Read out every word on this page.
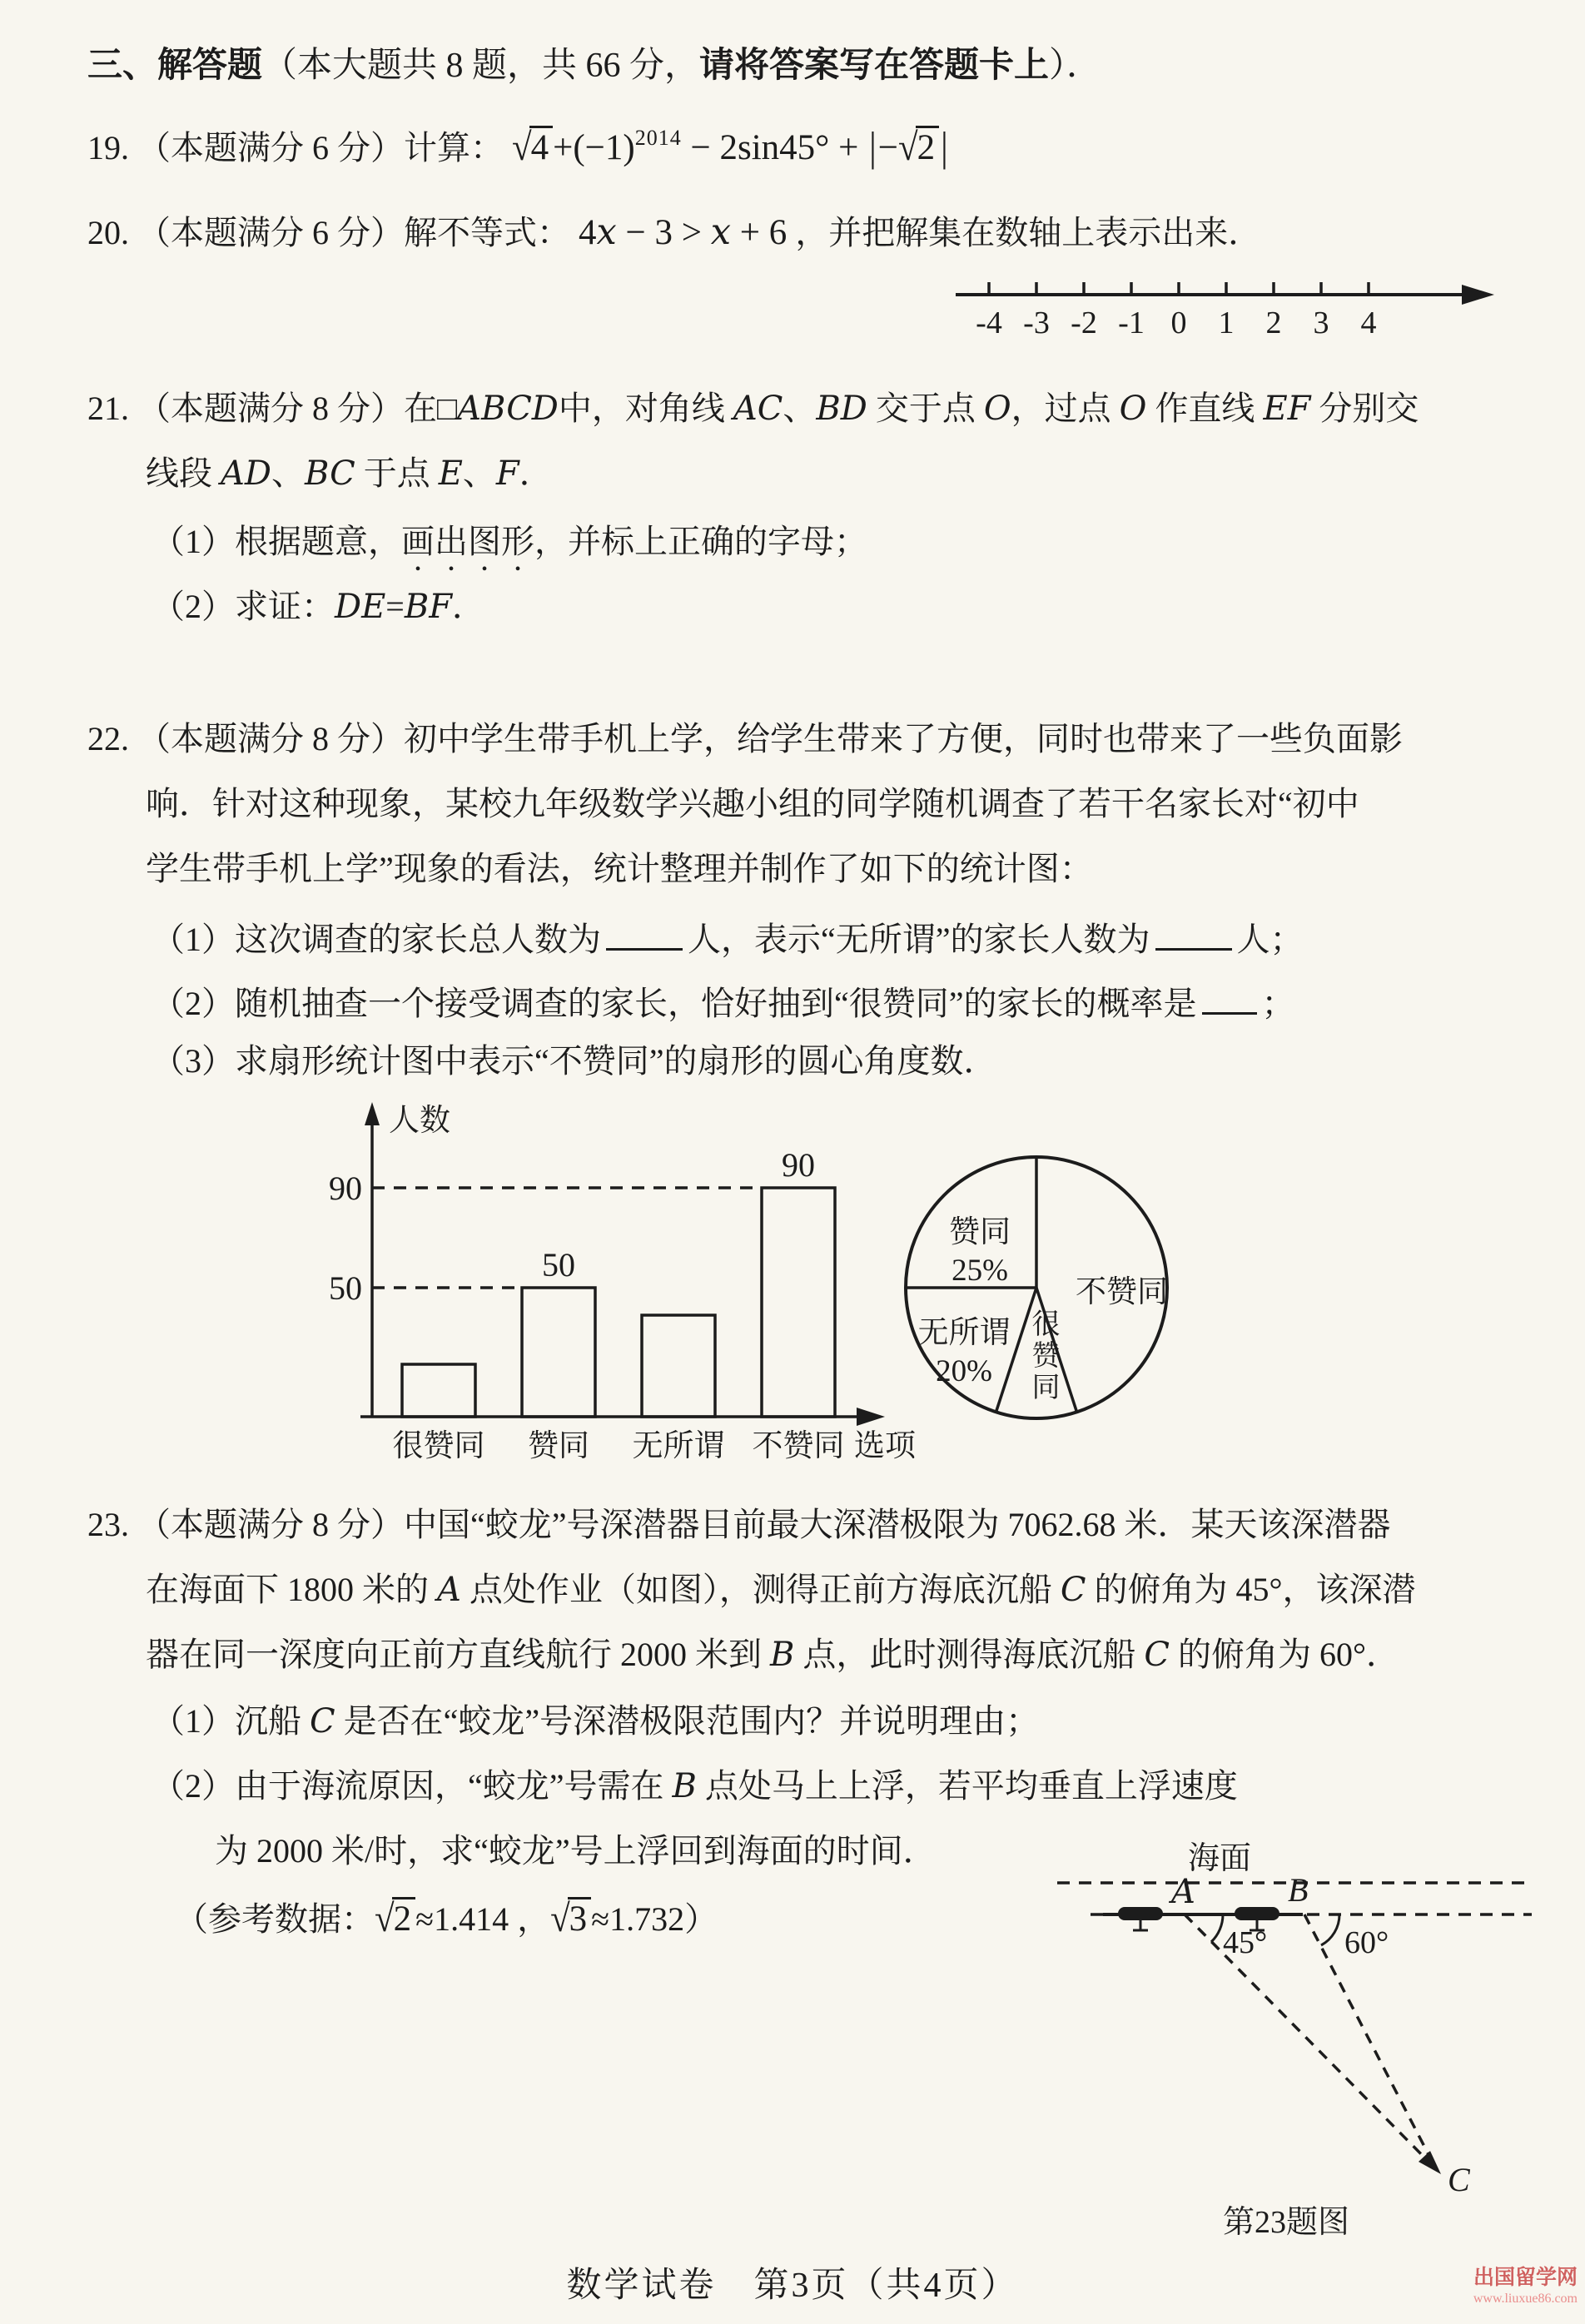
三、解答题（本大题共 8 题，共 66 分，请将答案写在答题卡上）．
19. （本题满分 6 分）计算： √4 +(−1)2014 − 2sin45° + |−√2 |
20. （本题满分 6 分）解不等式： 4x − 3 > x + 6 ，并把解集在数轴上表示出来．
-4 -3 -2 -1 0 1 2 3 4
21. （本题满分 8 分）在□ABCD中，对角线 AC、BD 交于点 O，过点 O 作直线 EF 分别交
线段 AD、BC 于点 E、F．
（1）根据题意，画出图形，并标上正确的字母；
（2）求证：DE=BF．
22. （本题满分 8 分）初中学生带手机上学，给学生带来了方便，同时也带来了一些负面影
响．针对这种现象，某校九年级数学兴趣小组的同学随机调查了若干名家长对“初中
学生带手机上学”现象的看法，统计整理并制作了如下的统计图：
（1）这次调查的家长总人数为	人，表示“无所谓”的家长人数为	人；
（2）随机抽查一个接受调查的家长，恰好抽到“很赞同”的家长的概率是 ；
（3）求扇形统计图中表示“不赞同”的扇形的圆心角度数．
人数
90
50
50
90
很赞同 赞同 无所谓 不赞同 选项
赞同
25%
不赞同
无所谓
20% 很赞同
23. （本题满分 8 分）中国“蛟龙”号深潜器目前最大深潜极限为 7062.68 米．某天该深潜器
在海面下 1800 米的 A 点处作业（如图），测得正前方海底沉船 C 的俯角为 45°，该深潜
器在同一深度向正前方直线航行 2000 米到 B 点，此时测得海底沉船 C 的俯角为 60°．
（1）沉船 C 是否在“蛟龙”号深潜极限范围内？并说明理由；
（2）由于海流原因，“蛟龙”号需在 B 点处马上上浮，若平均垂直上浮速度
为 2000 米/时，求“蛟龙”号上浮回到海面的时间．
（参考数据：√2 ≈1.414 ，√3 ≈1.732）
海面
A	B
45° 60°
C
第23题图
数学试卷　第3页（共4页）	出国留学网
www.liuxue86.com
